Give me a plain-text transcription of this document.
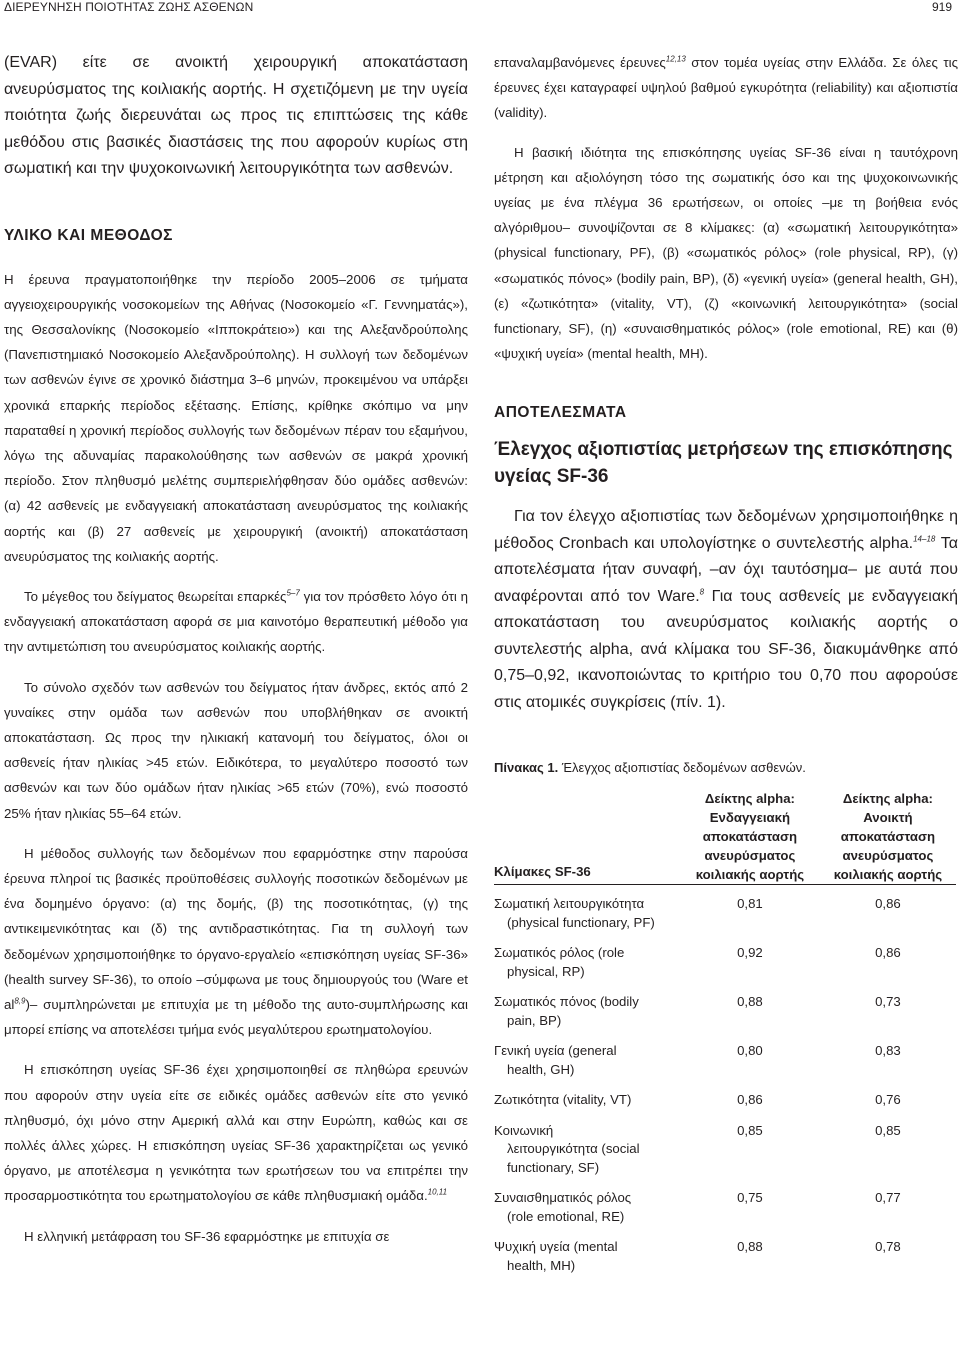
ΔΙΕΡΕΥΝΗΣΗ ΠΟΙΟΤΗΤΑΣ ΖΩΗΣ ΑΣΘΕΝΩΝ	919

(EVAR) είτε σε ανοικτή χειρουργική αποκατάσταση ανευρύσματος της κοιλιακής αορτής. Η σχετιζόμενη με την υγεία ποιότητα ζωής διερευνάται ως προς τις επιπτώσεις της κάθε μεθόδου στις βασικές διαστάσεις της που αφορούν κυρίως στη σωματική και την ψυχοκοινωνική λειτουργικότητα των ασθενών.

ΥΛΙΚΟ ΚΑΙ ΜΕΘΟΔΟΣ

Η έρευνα πραγματοποιήθηκε την περίοδο 2005–2006 σε τμήματα αγγειοχειρουργικής νοσοκομείων της Αθήνας (Νοσοκομείο «Γ. Γεννηματάς»), της Θεσσαλονίκης (Νοσοκομείο «Ιπποκράτειο») και της Αλεξανδρούπολης (Πανεπιστημιακό Νοσοκομείο Αλεξανδρούπολης). Η συλλογή των δεδομένων των ασθενών έγινε σε χρονικό διάστημα 3–6 μηνών, προκειμένου να υπάρξει χρονικά επαρκής περίοδος εξέτασης. Επίσης, κρίθηκε σκόπιμο να μην παραταθεί η χρονική περίοδος συλλογής των δεδομένων πέραν του εξαμήνου, λόγω της αδυναμίας παρακολούθησης των ασθενών σε μακρά χρονική περίοδο. Στον πληθυσμό μελέτης συμπεριελήφθησαν δύο ομάδες ασθενών: (α) 42 ασθενείς με ενδαγγειακή αποκατάσταση ανευρύσματος της κοιλιακής αορτής και (β) 27 ασθενείς με χειρουργική (ανοικτή) αποκατάσταση ανευρύσματος της κοιλιακής αορτής.

Το μέγεθος του δείγματος θεωρείται επαρκές$^{5-7}$ για τον πρόσθετο λόγο ότι η ενδαγγειακή αποκατάσταση αφορά σε μια καινοτόμο θεραπευτική μέθοδο για την αντιμετώπιση του ανευρύσματος κοιλιακής αορτής.

Το σύνολο σχεδόν των ασθενών του δείγματος ήταν άνδρες, εκτός από 2 γυναίκες στην ομάδα των ασθενών που υποβλήθηκαν σε ανοικτή αποκατάσταση. Ως προς την ηλικιακή κατανομή του δείγματος, όλοι οι ασθενείς ήταν ηλικίας >45 ετών. Ειδικότερα, το μεγαλύτερο ποσοστό των ασθενών και των δύο ομάδων ήταν ηλικίας >65 ετών (70%), ενώ ποσοστό 25% ήταν ηλικίας 55–64 ετών.

Η μέθοδος συλλογής των δεδομένων που εφαρμόστηκε στην παρούσα έρευνα πληροί τις βασικές προϋποθέσεις συλλογής ποσοτικών δεδομένων με ένα δομημένο όργανο: (α) της δομής, (β) της ποσοτικότητας, (γ) της αντικειμενικότητας και (δ) της αντιδραστικότητας. Για τη συλλογή των δεδομένων χρησιμοποιήθηκε το όργανο-εργαλείο «επισκόπηση υγείας SF-36» (health survey SF-36), το οποίο –σύμφωνα με τους δημιουργούς του (Ware et al$^{8,9}$)– συμπληρώνεται με επιτυχία με τη μέθοδο της αυτο-συμπλήρωσης και μπορεί επίσης να αποτελέσει τμήμα ενός μεγαλύτερου ερωτηματολογίου.

Η επισκόπηση υγείας SF-36 έχει χρησιμοποιηθεί σε πληθώρα ερευνών που αφορούν στην υγεία είτε σε ειδικές ομάδες ασθενών είτε στο γενικό πληθυσμό, όχι μόνο στην Αμερική αλλά και στην Ευρώπη, καθώς και σε πολλές άλλες χώρες. Η επισκόπηση υγείας SF-36 χαρακτηρίζεται ως γενικό όργανο, με αποτέλεσμα η γενικότητα των ερωτήσεων του να επιτρέπει την προσαρμοστικότητα του ερωτηματολογίου σε κάθε πληθυσμιακή ομάδα.$^{10,11}$

Η ελληνική μετάφραση του SF-36 εφαρμόστηκε με επιτυχία σε

επαναλαμβανόμενες έρευνες$^{12,13}$ στον τομέα υγείας στην Ελλάδα. Σε όλες τις έρευνες έχει καταγραφεί υψηλού βαθμού εγκυρότητα (reliability) και αξιοπιστία (validity).

Η βασική ιδιότητα της επισκόπησης υγείας SF-36 είναι η ταυτόχρονη μέτρηση και αξιολόγηση τόσο της σωματικής όσο και της ψυχοκοινωνικής υγείας με ένα πλέγμα 36 ερωτήσεων, οι οποίες –με τη βοήθεια ενός αλγόριθμου– συνοψίζονται σε 8 κλίμακες: (α) «σωματική λειτουργικότητα» (physical functionary, PF), (β) «σωματικός ρόλος» (role physical, RP), (γ) «σωματικός πόνος» (bodily pain, BP), (δ) «γενική υγεία» (general health, GH), (ε) «ζωτικότητα» (vitality, VT), (ζ) «κοινωνική λειτουργικότητα» (social functionary, SF), (η) «συναισθηματικός ρόλος» (role emotional, RE) και (θ) «ψυχική υγεία» (mental health, MH).

ΑΠΟΤΕΛΕΣΜΑΤΑ
Έλεγχος αξιοπιστίας μετρήσεων της επισκόπησης υγείας SF-36

Για τον έλεγχο αξιοπιστίας των δεδομένων χρησιμοποιήθηκε η μέθοδος Cronbach και υπολογίστηκε ο συντελεστής alpha.$^{14-18}$ Τα αποτελέσματα ήταν συναφή, –αν όχι ταυτόσημα– με αυτά που αναφέρονται από τον Ware.$^8$ Για τους ασθενείς με ενδαγγειακή αποκατάσταση του ανευρύσματος κοιλιακής αορτής ο συντελεστής alpha, ανά κλίμακα του SF-36, διακυμάνθηκε από 0,75–0,92, ικανοποιώντας το κριτήριο του 0,70 που αφορούσε στις ατομικές συγκρίσεις (πίν. 1).

Πίνακας 1. Έλεγχος αξιοπιστίας δεδομένων ασθενών.

Κλίμακες SF-36	Δείκτης alpha: Ενδαγγειακή αποκατάσταση ανευρύσματος κοιλιακής αορτής	Δείκτης alpha: Ανοικτή αποκατάσταση ανευρύσματος κοιλιακής αορτής
Σωματική λειτουργικότητα
(physical functionary, PF)	0,81	0,86
Σωματικός ρόλος (role
physical, RP)	0,92	0,86
Σωματικός πόνος (bodily
pain, BP)	0,88	0,73
Γενική υγεία (general
health, GH)	0,80	0,83
Ζωτικότητα (vitality, VT)	0,86	0,76
Κοινωνική
λειτουργικότητα (social functionary, SF)	0,85	0,85
Συναισθηματικός ρόλος
(role emotional, RE)	0,75	0,77
Ψυχική υγεία (mental
health, MH)	0,88	0,78
